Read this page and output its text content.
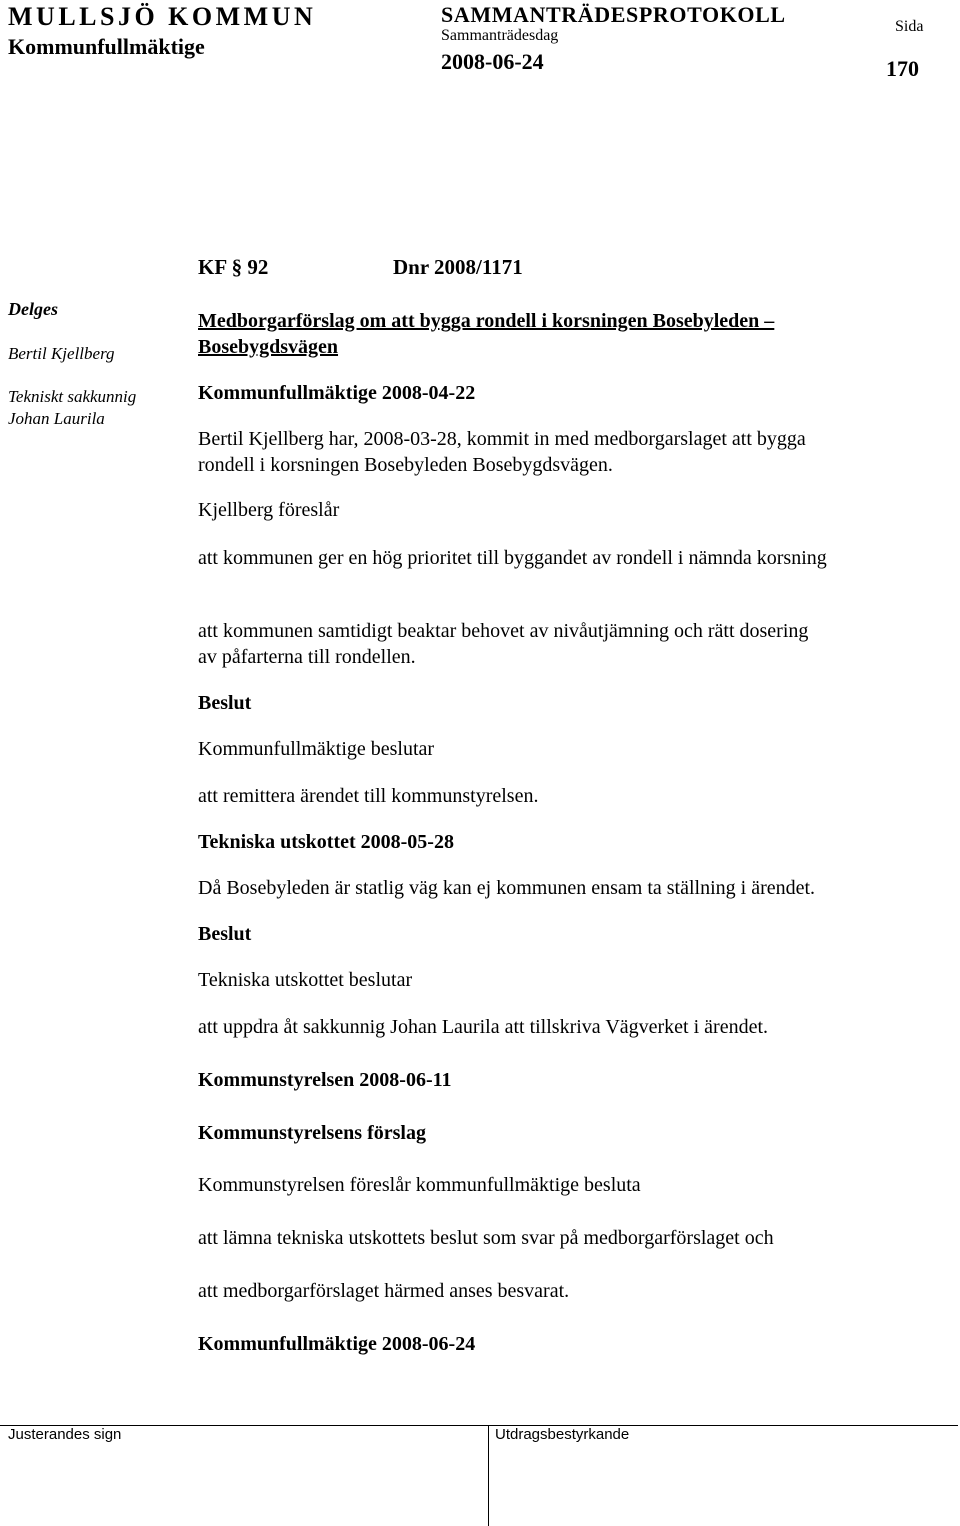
MULLSJÖ KOMMUN
Kommunfullmäktige
SAMMANTRÄDESPROTOKOLL
Sammanträdesdag
2008-06-24
Sida
170
KF § 92	Dnr 2008/1171
Delges
Bertil Kjellberg
Tekniskt sakkunnig
Johan Laurila
Medborgarförslag om att bygga rondell i korsningen Bosebyleden –
Bosebygdsvägen
Kommunfullmäktige 2008-04-22
Bertil Kjellberg har, 2008-03-28, kommit in med medborgarslaget att bygga rondell i korsningen Bosebyleden Bosebygdsvägen.
Kjellberg föreslår
att kommunen ger en hög prioritet till byggandet av rondell i nämnda korsning
att kommunen samtidigt beaktar behovet av nivåutjämning och rätt dosering av påfarterna till rondellen.
Beslut
Kommunfullmäktige beslutar
att remittera ärendet till kommunstyrelsen.
Tekniska utskottet 2008-05-28
Då Bosebyleden är statlig väg kan ej kommunen ensam ta ställning i ärendet.
Beslut
Tekniska utskottet beslutar
att uppdra åt sakkunnig Johan Laurila att tillskriva Vägverket i ärendet.
Kommunstyrelsen 2008-06-11
Kommunstyrelsens förslag
Kommunstyrelsen föreslår kommunfullmäktige besluta
att lämna tekniska utskottets beslut som svar på medborgarförslaget och
att medborgarförslaget härmed anses besvarat.
Kommunfullmäktige 2008-06-24
Justerandes sign	Utdragsbestyrkande
